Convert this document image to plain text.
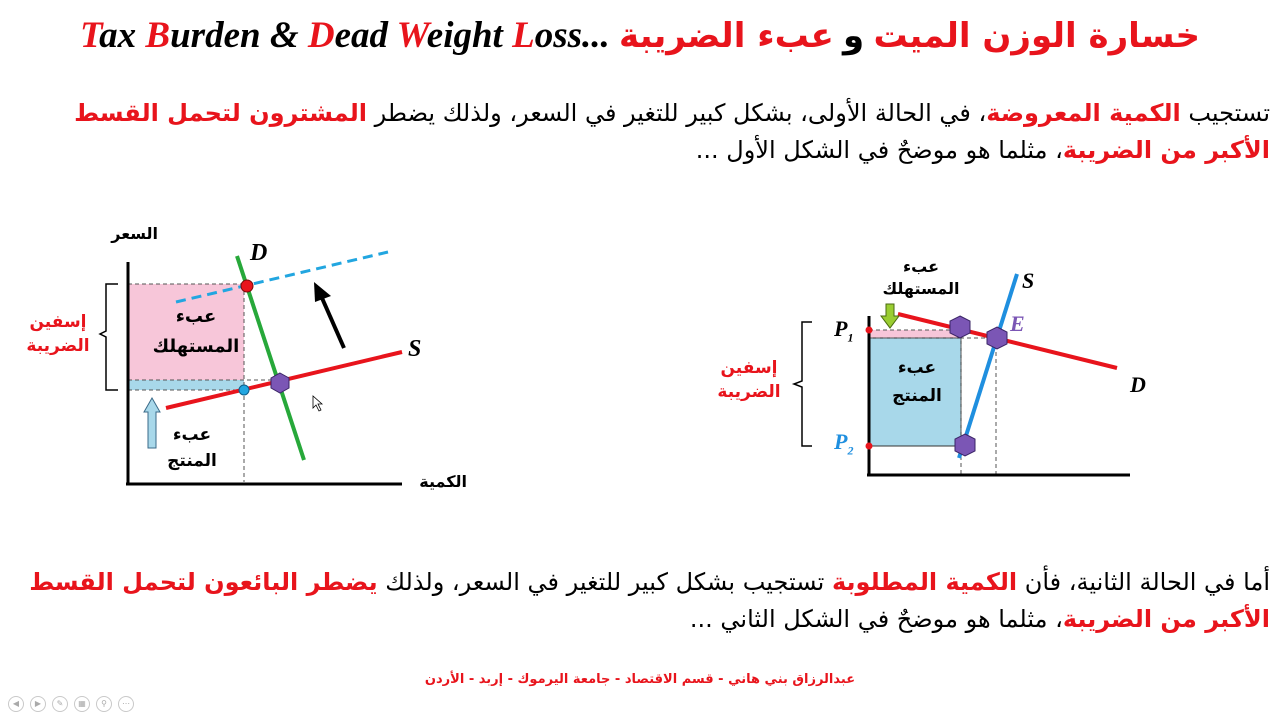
Tax Burden & Dead Weight Loss...	خسارة الوزن الميت و عبء الضريبة
تستجيب الكمية المعروضة، في الحالة الأولى، بشكل كبير للتغير في السعر، ولذلك يضطر المشترون لتحمل القسط الأكبر من الضريبة، مثلما هو موضحٌ في الشكل الأول ...
السعر
الكمية
D
S
عبء
المستهلك
عبء
المنتج
إسفين
الضريبة
$P_1$
$P_2$
E
S
D
عبء
المستهلك
عبء
المنتج
إسفين
الضريبة
أما في الحالة الثانية، فأن الكمية المطلوبة تستجيب بشكل كبير للتغير في السعر، ولذلك يضطر البائعون لتحمل القسط الأكبر من الضريبة، مثلما هو موضحٌ في الشكل الثاني ...
عبدالرزاق بني هاني - قسم الاقتصاد - جامعة اليرموك - إربد - الأردن
◀	▶	✎	▦	⚲	⋯
